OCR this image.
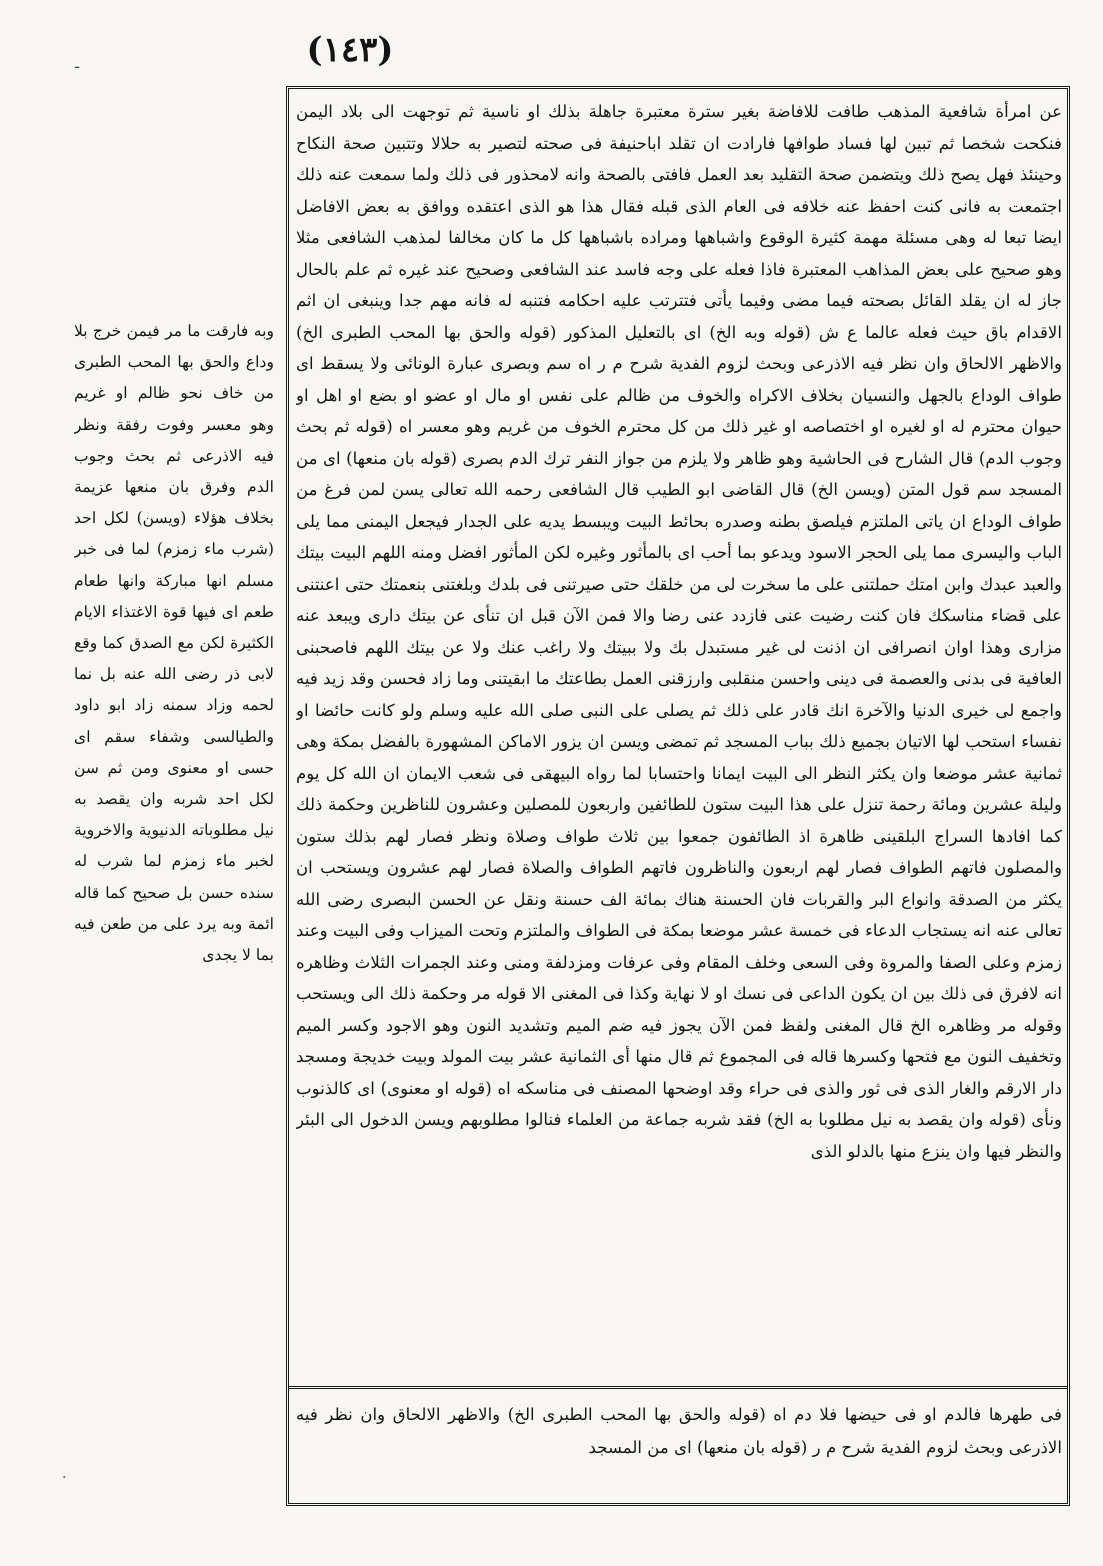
(١٤٣)

عن امرأة شافعية المذهب طافت للافاضة بغير سترة معتبرة جاهلة بذلك او ناسية ثم توجهت الى بلاد اليمن فنكحت شخصا ثم تبين لها فساد طوافها فارادت ان تقلد اباحنيفة فى صحته لتصير به حلالا وتتبين صحة النكاح وحينئذ فهل يصح ذلك ويتضمن صحة التقليد بعد العمل فافتى بالصحة وانه لامحذور فى ذلك ولما سمعت عنه ذلك اجتمعت به فانى كنت احفظ عنه خلافه فى العام الذى قبله فقال هذا هو الذى اعتقده ووافق به بعض الافاضل ايضا تبعا له وهى مسئلة مهمة كثيرة الوقوع واشباهها ومراده باشباهها كل ما كان مخالفا لمذهب الشافعى مثلا وهو صحيح على بعض المذاهب المعتبرة فاذا فعله على وجه فاسد عند الشافعى وصحيح عند غيره ثم علم بالحال جاز له ان يقلد القائل بصحته فيما مضى وفيما يأتى فتترتب عليه احكامه فتنبه له فانه مهم جدا وينبغى ان اثم الاقدام باق حيث فعله عالما ع ش (قوله وبه الخ) اى بالتعليل المذكور (قوله والحق بها المحب الطبرى الخ) والاظهر الالحاق وان نظر فيه الاذرعى وبحث لزوم الفدية شرح م ر اه سم وبصرى عبارة الونائى ولا يسقط اى طواف الوداع بالجهل والنسيان بخلاف الاكراه والخوف من ظالم على نفس او مال او عضو او بضع او اهل او حيوان محترم له او لغيره او اختصاصه او غير ذلك من كل محترم الخوف من غريم وهو معسر اه (قوله ثم بحث وجوب الدم) قال الشارح فى الحاشية وهو ظاهر ولا يلزم من جواز النفر ترك الدم بصرى (قوله بان منعها) اى من المسجد سم قول المتن (ويسن الخ) قال القاضى ابو الطيب قال الشافعى رحمه الله تعالى يسن لمن فرغ من طواف الوداع ان ياتى الملتزم فيلصق بطنه وصدره بحائط البيت ويبسط يديه على الجدار فيجعل اليمنى مما يلى الباب واليسرى مما يلى الحجر الاسود ويدعو بما أحب اى بالمأثور وغيره لكن المأثور افضل ومنه اللهم البيت بيتك والعبد عبدك وابن امتك حملتنى على ما سخرت لى من خلقك حتى صيرتنى فى بلدك وبلغتنى بنعمتك حتى اعنتنى على قضاء مناسكك فان كنت رضيت عنى فازدد عنى رضا والا فمن الآن قبل ان تنأى عن بيتك دارى ويبعد عنه مزارى وهذا اوان انصرافى ان اذنت لى غير مستبدل بك ولا ببيتك ولا راغب عنك ولا عن بيتك اللهم فاصحبنى العافية فى بدنى والعصمة فى دينى واحسن منقلبى وارزقنى العمل بطاعتك ما ابقيتنى وما زاد فحسن وقد زيد فيه واجمع لى خيرى الدنيا والآخرة انك قادر على ذلك ثم يصلى على النبى صلى الله عليه وسلم ولو كانت حائضا او نفساء استحب لها الاتيان بجميع ذلك بباب المسجد ثم تمضى ويسن ان يزور الاماكن المشهورة بالفضل بمكة وهى ثمانية عشر موضعا وان يكثر النظر الى البيت ايمانا واحتسابا لما رواه البيهقى فى شعب الايمان ان الله كل يوم وليلة عشرين ومائة رحمة تنزل على هذا البيت ستون للطائفين واربعون للمصلين وعشرون للناظرين وحكمة ذلك كما افادها السراج البلقينى ظاهرة اذ الطائفون جمعوا بين ثلاث طواف وصلاة ونظر فصار لهم بذلك ستون والمصلون فاتهم الطواف فصار لهم اربعون والناظرون فاتهم الطواف والصلاة فصار لهم عشرون ويستحب ان يكثر من الصدقة وانواع البر والقربات فان الحسنة هناك بمائة الف حسنة ونقل عن الحسن البصرى رضى الله تعالى عنه انه يستجاب الدعاء فى خمسة عشر موضعا بمكة فى الطواف والملتزم وتحت الميزاب وفى البيت وعند زمزم وعلى الصفا والمروة وفى السعى وخلف المقام وفى عرفات ومزدلفة ومنى وعند الجمرات الثلاث وظاهره انه لافرق فى ذلك بين ان يكون الداعى فى نسك او لا نهاية وكذا فى المغنى الا قوله مر وحكمة ذلك الى ويستحب وقوله مر وظاهره الخ قال المغنى ولفظ فمن الآن يجوز فيه ضم الميم وتشديد النون وهو الاجود وكسر الميم وتخفيف النون مع فتحها وكسرها قاله فى المجموع ثم قال منها أى الثمانية عشر بيت المولد وبيت خديجة ومسجد دار الارقم والغار الذى فى ثور والذى فى حراء وقد اوضحها المصنف فى مناسكه اه (قوله او معنوى) اى كالذنوب ونأى (قوله وان يقصد به نيل مطلوبا به الخ) فقد شربه جماعة من العلماء فنالوا مطلوبهم ويسن الدخول الى البئر والنظر فيها وان ينزع منها بالدلو الذى

فى طهرها فالدم او فى حيضها فلا دم اه (قوله والحق بها المحب الطبرى الخ) والاظهر الالحاق وان نظر فيه الاذرعى وبحث لزوم الفدية شرح م ر (قوله بان منعها) اى من المسجد

وبه فارقت ما مر فيمن خرج بلا وداع والحق بها المحب الطبرى من خاف نحو ظالم او غريم وهو معسر وفوت رفقة ونظر فيه الاذرعى ثم بحث وجوب الدم وفرق بان منعها عزيمة بخلاف هؤلاء (ويسن) لكل احد (شرب ماء زمزم) لما فى خبر مسلم انها مباركة وانها طعام طعم اى فيها قوة الاغتذاء الايام الكثيرة لكن مع الصدق كما وقع لابى ذر رضى الله عنه بل نما لحمه وزاد سمنه زاد ابو داود والطيالسى وشفاء سقم اى حسى او معنوى ومن ثم سن لكل احد شربه وان يقصد به نيل مطلوباته الدنيوية والاخروية لخبر ماء زمزم لما شرب له سنده حسن بل صحيح كما قاله ائمة وبه يرد على من طعن فيه بما لا يجدى

ـ
·
